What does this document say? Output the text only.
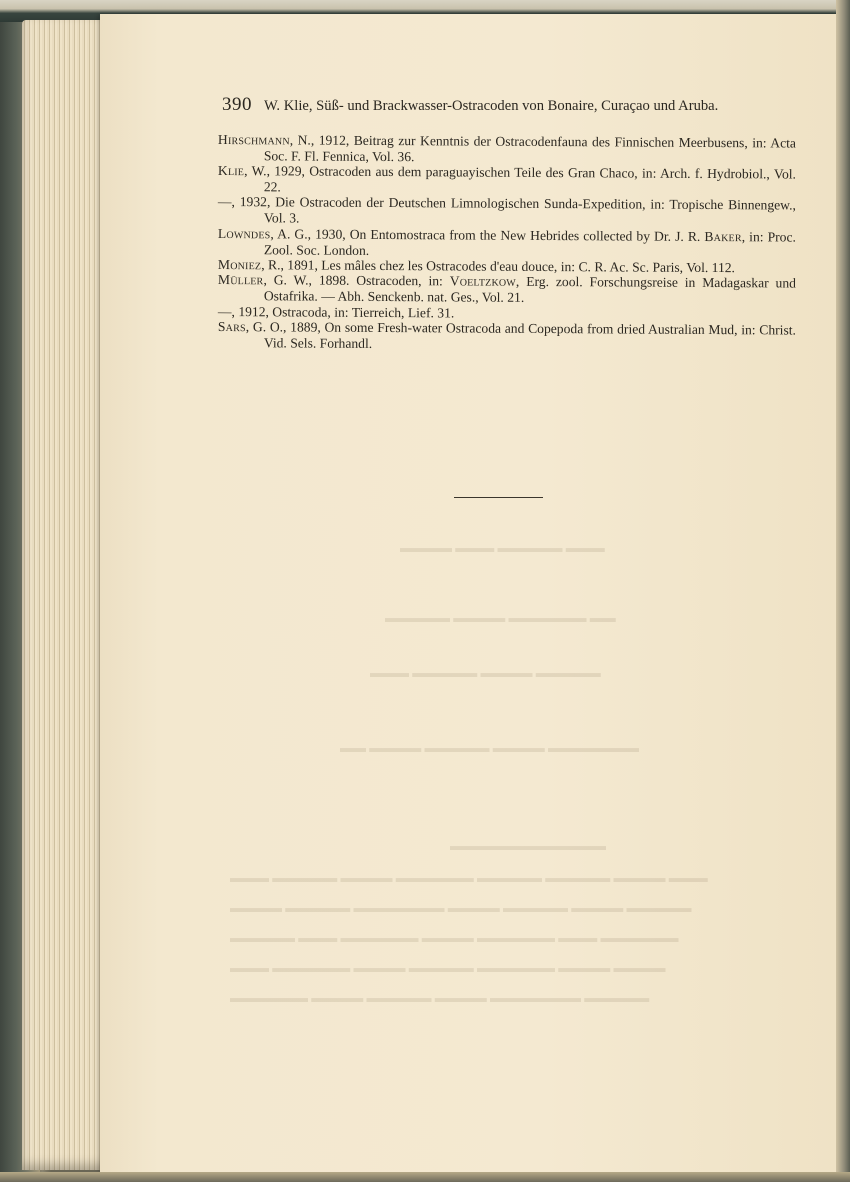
390 W. Klie, Süß- und Brackwasser-Ostracoden von Bonaire, Curaçao und Aruba.

Hirschmann, N., 1912, Beitrag zur Kenntnis der Ostracodenfauna des Finnischen Meerbusens, in: Acta Soc. F. Fl. Fennica, Vol. 36.

Klie, W., 1929, Ostracoden aus dem paraguayischen Teile des Gran Chaco, in: Arch. f. Hydrobiol., Vol. 22.

—, 1932, Die Ostracoden der Deutschen Limnologischen Sunda-Expedition, in: Tropische Binnengew., Vol. 3.

Lowndes, A. G., 1930, On Entomostraca from the New Hebrides collected by Dr. J. R. Baker, in: Proc. Zool. Soc. London.

Moniez, R., 1891, Les mâles chez les Ostracodes d'eau douce, in: C. R. Ac. Sc. Paris, Vol. 112.

Müller, G. W., 1898. Ostracoden, in: Voeltzkow, Erg. zool. Forschungsreise in Madagaskar und Ostafrika. — Abh. Senckenb. nat. Ges., Vol. 21.

—, 1912, Ostracoda, in: Tierreich, Lief. 31.

Sars, G. O., 1889, On some Fresh-water Ostracoda and Copepoda from dried Australian Mud, in: Christ. Vid. Sels. Forhandl.
